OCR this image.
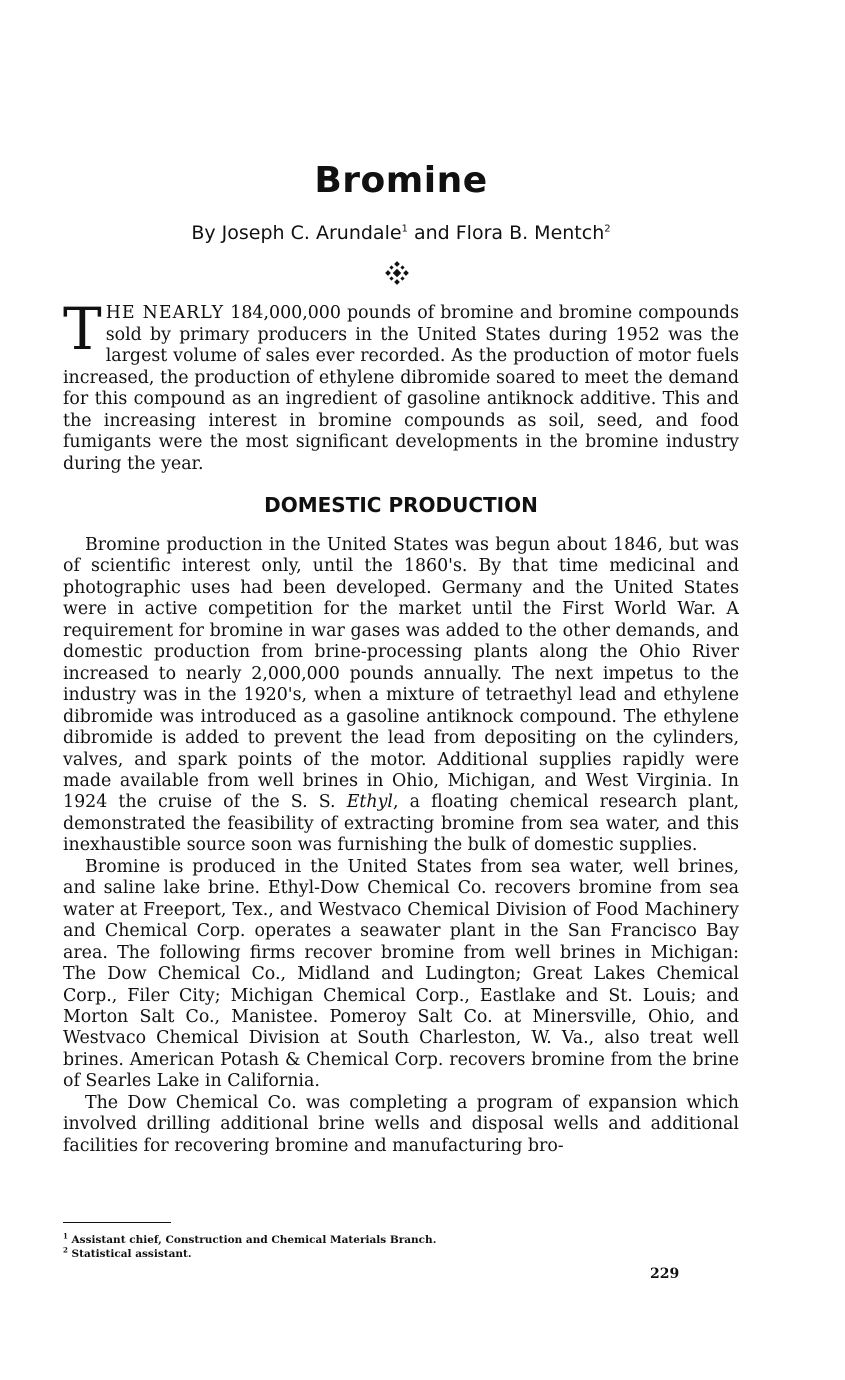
Bromine
By Joseph C. Arundale$^1$ and Flora B. Mentch$^2$

THE NEARLY 184,000,000 pounds of bromine and bromine compounds sold by primary producers in the United States during 1952 was the largest volume of sales ever recorded. As the production of motor fuels increased, the production of ethylene dibromide soared to meet the demand for this compound as an ingredient of gasoline antiknock additive. This and the increasing interest in bromine compounds as soil, seed, and food fumigants were the most significant developments in the bromine industry during the year.

DOMESTIC PRODUCTION

Bromine production in the United States was begun about 1846, but was of scientific interest only, until the 1860's. By that time medicinal and photographic uses had been developed. Germany and the United States were in active competition for the market until the First World War. A requirement for bromine in war gases was added to the other demands, and domestic production from brine-processing plants along the Ohio River increased to nearly 2,000,000 pounds annually. The next impetus to the industry was in the 1920's, when a mixture of tetraethyl lead and ethylene dibromide was introduced as a gasoline antiknock compound. The ethylene dibromide is added to prevent the lead from depositing on the cylinders, valves, and spark points of the motor. Additional supplies rapidly were made available from well brines in Ohio, Michigan, and West Virginia. In 1924 the cruise of the S. S. Ethyl, a floating chemical research plant, demonstrated the feasibility of extracting bromine from sea water, and this inexhaustible source soon was furnishing the bulk of domestic supplies.

Bromine is produced in the United States from sea water, well brines, and saline lake brine. Ethyl-Dow Chemical Co. recovers bromine from sea water at Freeport, Tex., and Westvaco Chemical Division of Food Machinery and Chemical Corp. operates a seawater plant in the San Francisco Bay area. The following firms recover bromine from well brines in Michigan: The Dow Chemical Co., Midland and Ludington; Great Lakes Chemical Corp., Filer City; Michigan Chemical Corp., Eastlake and St. Louis; and Morton Salt Co., Manistee. Pomeroy Salt Co. at Minersville, Ohio, and Westvaco Chemical Division at South Charleston, W. Va., also treat well brines. American Potash & Chemical Corp. recovers bromine from the brine of Searles Lake in California.

The Dow Chemical Co. was completing a program of expansion which involved drilling additional brine wells and disposal wells and additional facilities for recovering bromine and manufacturing bro-

$^1$ Assistant chief, Construction and Chemical Materials Branch.
$^2$ Statistical assistant.
229
